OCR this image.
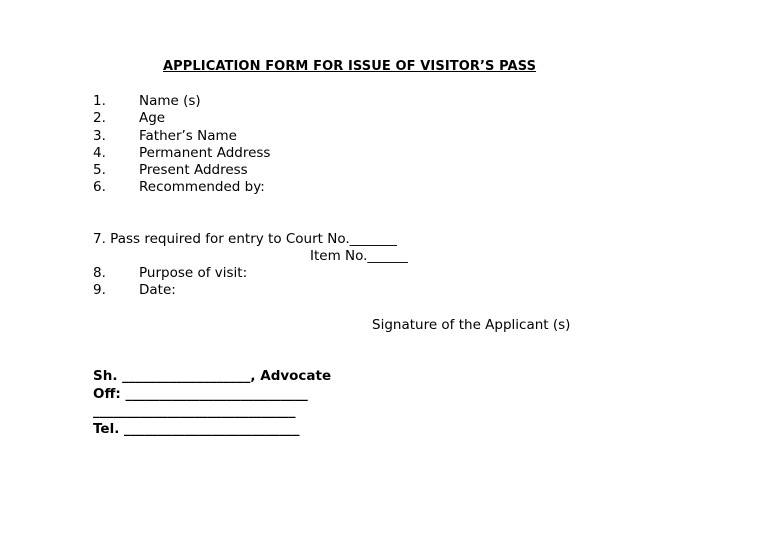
APPLICATION FORM FOR ISSUE OF VISITOR’S PASS
1. Name (s)
2. Age
3. Father’s Name
4. Permanent Address
5. Present Address
6. Recommended by:
7. Pass required for entry to Court No._______
Item No.______
8. Purpose of visit:
9. Date:
Signature of the Applicant (s)
Sh. ___________________, Advocate
Off: ___________________________
______________________________
Tel. __________________________
